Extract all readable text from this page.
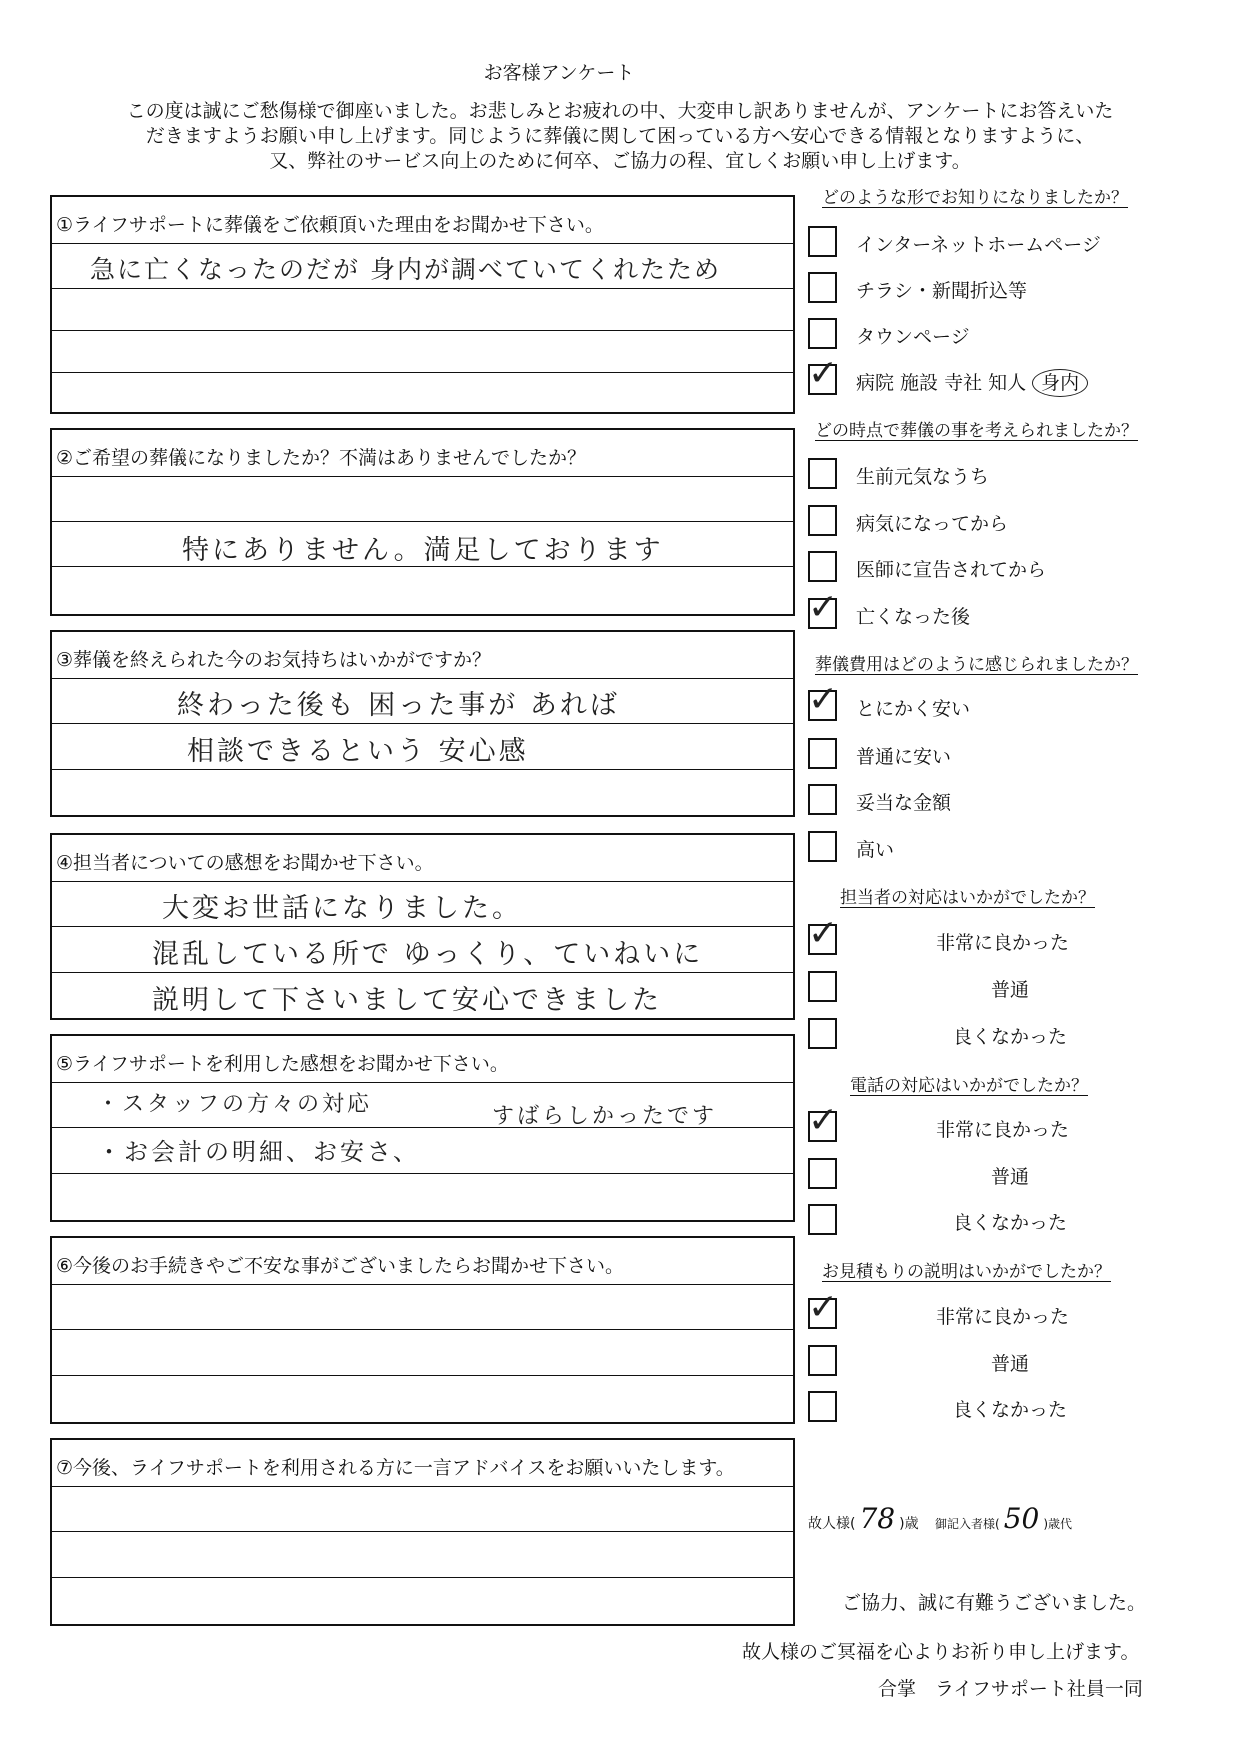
お客様アンケート
この度は誠にご愁傷様で御座いました。お悲しみとお疲れの中、大変申し訳ありませんが、アンケートにお答えいた
だきますようお願い申し上げます。同じように葬儀に関して困っている方へ安心できる情報となりますように、
又、弊社のサービス向上のために何卒、ご協力の程、宜しくお願い申し上げます。
①ライフサポートに葬儀をご依頼頂いた理由をお聞かせ下さい。
急に亡くなったのだが 身内が調べていてくれたため
②ご希望の葬儀になりましたか？不満はありませんでしたか？
特にありません。満足しております
③葬儀を終えられた今のお気持ちはいかがですか？
終わった後も 困った事が あれば
相談できるという 安心感
④担当者についての感想をお聞かせ下さい。
大変お世話になりました。
混乱している所で ゆっくり、ていねいに
説明して下さいまして安心できました
⑤ライフサポートを利用した感想をお聞かせ下さい。
・スタッフの方々の対応	すばらしかったです
・お会計の明細、お安さ、
⑥今後のお手続きやご不安な事がございましたらお聞かせ下さい。
⑦今後、ライフサポートを利用される方に一言アドバイスをお願いいたします。
どのような形でお知りになりましたか？
インターネットホームページ
チラシ・新聞折込等
タウンページ
✓ 病院 施設 寺社 知人 身内
どの時点で葬儀の事を考えられましたか？
生前元気なうち
病気になってから
医師に宣告されてから
✓ 亡くなった後
葬儀費用はどのように感じられましたか？
✓ とにかく安い
普通に安い
妥当な金額
高い
担当者の対応はいかがでしたか？
✓	非常に良かった
普通
良くなかった
電話の対応はいかがでしたか？
✓	非常に良かった
普通
良くなかった
お見積もりの説明はいかがでしたか？
✓	非常に良かった
普通
良くなかった
故人様( 78 )歳 御記入者様( 50 )歳代
ご協力、誠に有難うございました。
故人様のご冥福を心よりお祈り申し上げます。
合掌　ライフサポート社員一同
